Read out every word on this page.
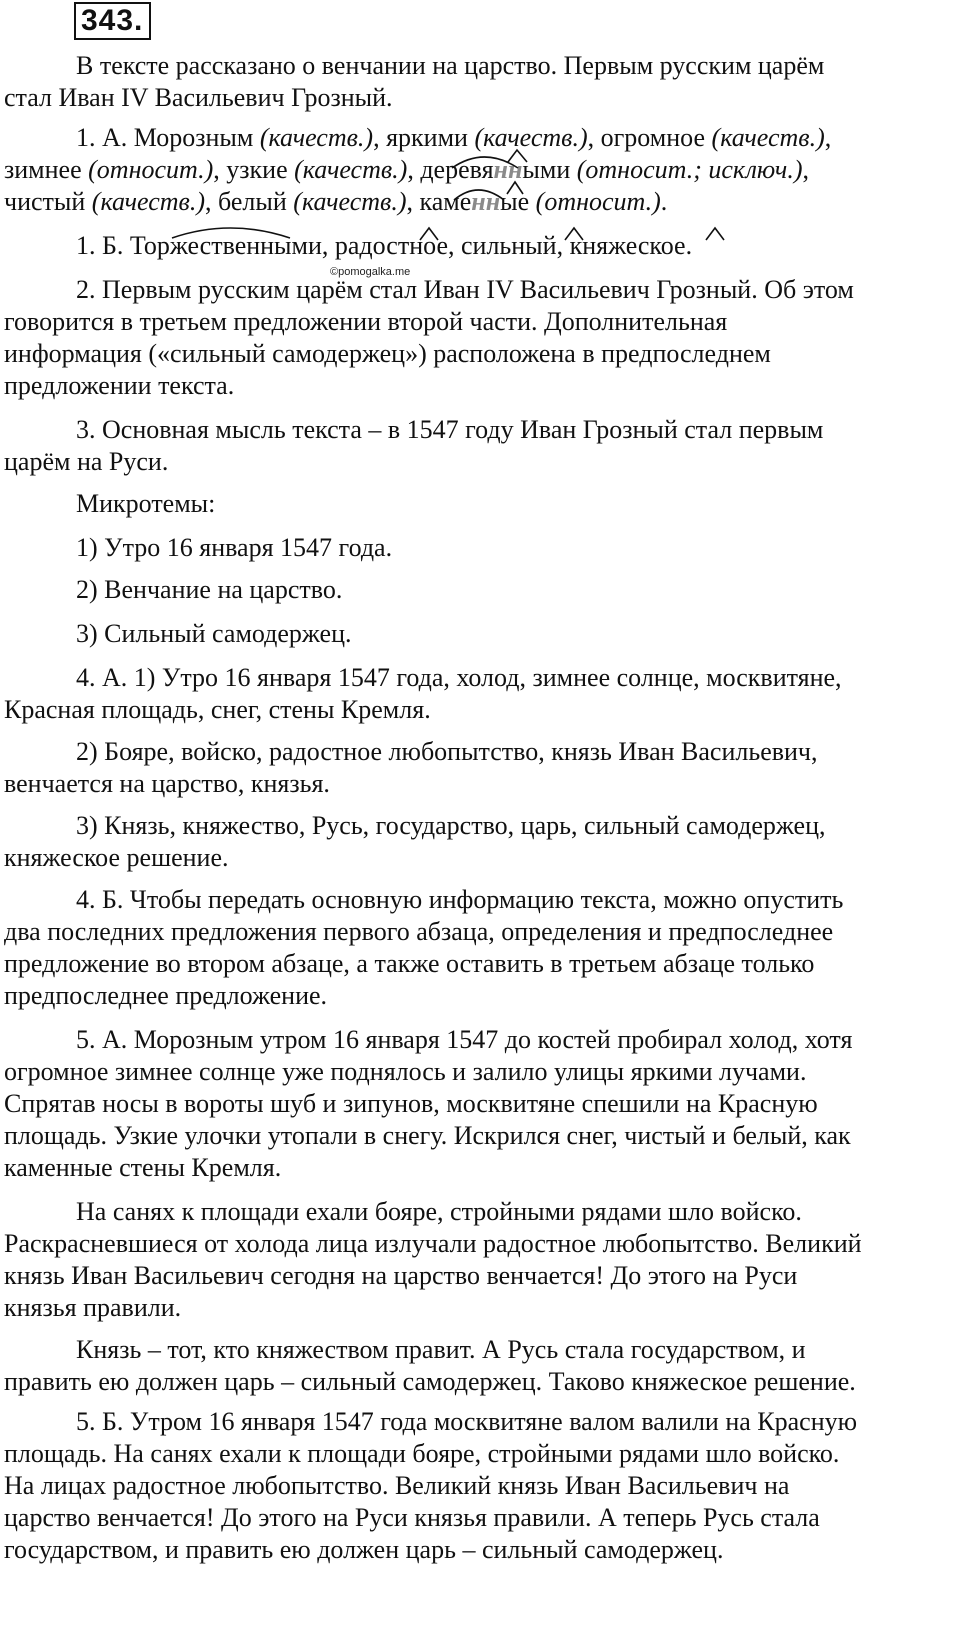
343.
В тексте рассказано о венчании на царство. Первым русским царём
стал Иван IV Васильевич Грозный.
1. А. Морозным (качеств.), яркими (качеств.), огромное (качеств.),
зимнее (относит.), узкие (качеств.), деревянными (относит.; исключ.),
чистый (качеств.), белый (качеств.), каменные (относит.).
1. Б. Торжественными, радостное, сильный, княжеское.
©pomogalka.me
2. Первым русским царём стал Иван IV Васильевич Грозный. Об этом
говорится в третьем предложении второй части. Дополнительная
информация («сильный самодержец») расположена в предпоследнем
предложении текста.
3. Основная мысль текста – в 1547 году Иван Грозный стал первым
царём на Руси.
Микротемы:
1) Утро 16 января 1547 года.
2) Венчание на царство.
3) Сильный самодержец.
4. А. 1) Утро 16 января 1547 года, холод, зимнее солнце, москвитяне,
Красная площадь, снег, стены Кремля.
2) Бояре, войско, радостное любопытство, князь Иван Васильевич,
венчается на царство, князья.
3) Князь, княжество, Русь, государство, царь, сильный самодержец,
княжеское решение.
4. Б. Чтобы передать основную информацию текста, можно опустить
два последних предложения первого абзаца, определения и предпоследнее
предложение во втором абзаце, а также оставить в третьем абзаце только
предпоследнее предложение.
5. А. Морозным утром 16 января 1547 до костей пробирал холод, хотя
огромное зимнее солнце уже поднялось и залило улицы яркими лучами.
Спрятав носы в вороты шуб и зипунов, москвитяне спешили на Красную
площадь. Узкие улочки утопали в снегу. Искрился снег, чистый и белый, как
каменные стены Кремля.
На санях к площади ехали бояре, стройными рядами шло войско.
Раскрасневшиеся от холода лица излучали радостное любопытство. Великий
князь Иван Васильевич сегодня на царство венчается! До этого на Руси
князья правили.
Князь – тот, кто княжеством правит. А Русь стала государством, и
править ею должен царь – сильный самодержец. Таково княжеское решение.
5. Б. Утром 16 января 1547 года москвитяне валом валили на Красную
площадь. На санях ехали к площади бояре, стройными рядами шло войско.
На лицах радостное любопытство. Великий князь Иван Васильевич на
царство венчается! До этого на Руси князья правили. А теперь Русь стала
государством, и править ею должен царь – сильный самодержец.
